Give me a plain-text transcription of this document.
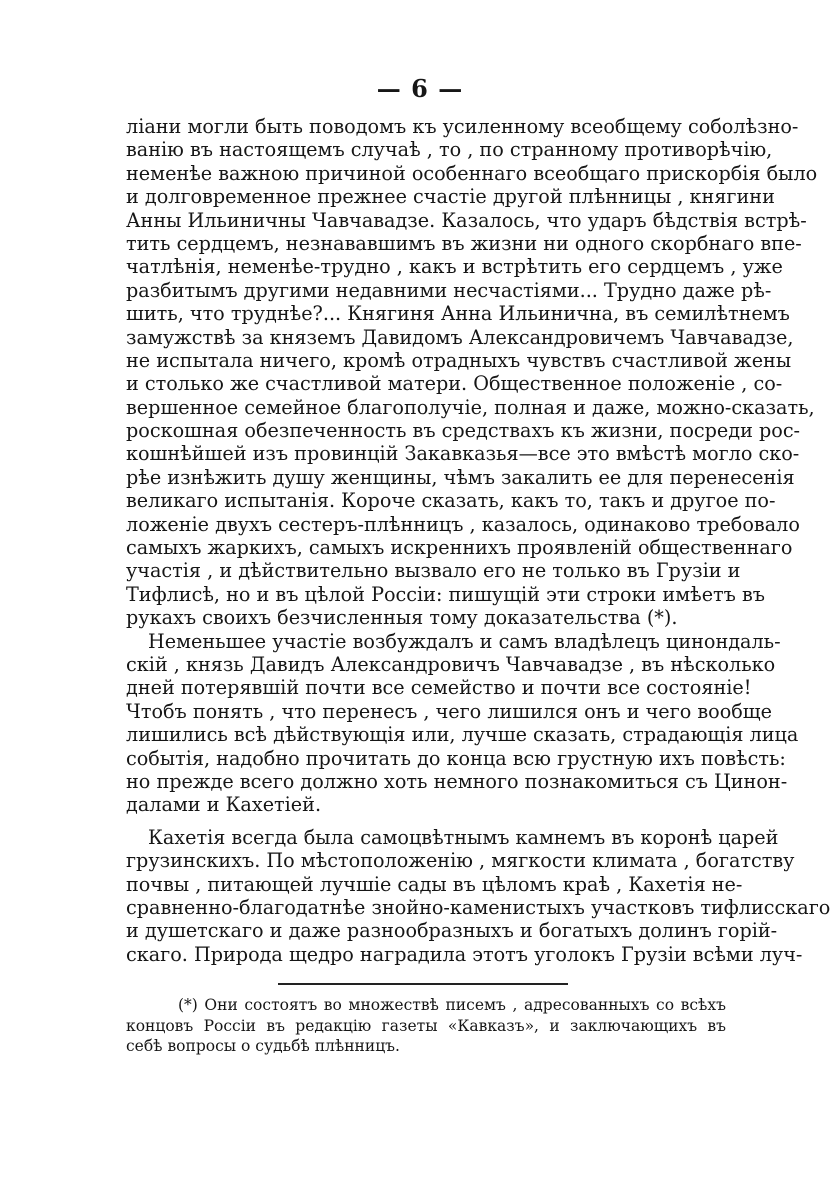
— 6 —
ліани могли быть поводомъ къ усиленному всеобщему соболѣзно-
ванію въ настоящемъ случаѣ , то , по странному противорѣчію,
неменѣе важною причиной особеннаго всеобщаго прискорбія было
и долговременное прежнее счастіе другой плѣнницы , княгини
Анны Ильиничны Чавчавадзе. Казалось, что ударъ бѣдствія встрѣ-
тить сердцемъ, незнававшимъ въ жизни ни одного скорбнаго впе-
чатлѣнія, неменѣе-трудно , какъ и встрѣтить его сердцемъ , уже
разбитымъ другими недавними несчастіями... Трудно даже рѣ-
шить, что труднѣе?... Княгиня Анна Ильинична, въ семилѣтнемъ
замужствѣ за княземъ Давидомъ Александровичемъ Чавчавадзе,
не испытала ничего, кромѣ отрадныхъ чувствъ счастливой жены
и столько же счастливой матери. Общественное положеніе , со-
вершенное семейное благополучіе, полная и даже, можно-сказать,
роскошная обезпеченность въ средствахъ къ жизни, посреди рос-
кошнѣйшей изъ провинцій Закавказья—все это вмѣстѣ могло ско-
рѣе изнѣжить душу женщины, чѣмъ закалить ее для перенесенія
великаго испытанія. Короче сказать, какъ то, такъ и другое по-
ложеніе двухъ сестеръ-плѣнницъ , казалось, одинаково требовало
самыхъ жаркихъ, самыхъ искреннихъ проявленій общественнаго
участія , и дѣйствительно вызвало его не только въ Грузіи и
Тифлисѣ, но и въ цѣлой Россіи: пишущій эти строки имѣетъ въ
рукахъ своихъ безчисленныя тому доказательства (*).
Неменьшее участіе возбуждалъ и самъ владѣлецъ цинондаль-
скій , князь Давидъ Александровичъ Чавчавадзе , въ нѣсколько
дней потерявшій почти все семейство и почти все состояніе!
Чтобъ понять , что перенесъ , чего лишился онъ и чего вообще
лишились всѣ дѣйствующія или, лучше сказать, страдающія лица
событія, надобно прочитать до конца всю грустную ихъ повѣсть:
но прежде всего должно хоть немного познакомиться съ Цинон-
далами и Кахетіей.
Кахетія всегда была самоцвѣтнымъ камнемъ въ коронѣ царей
грузинскихъ. По мѣстоположенію , мягкости климата , богатству
почвы , питающей лучшіе сады въ цѣломъ краѣ , Кахетія не-
сравненно-благодатнѣе знойно-каменистыхъ участковъ тифлисскаго
и душетскаго и даже разнообразныхъ и богатыхъ долинъ горій-
скаго. Природа щедро наградила этотъ уголокъ Грузіи всѣми луч-
(*) Они состоятъ во множествѣ писемъ , адресованныхъ со всѣхъ
концовъ Россіи въ редакцію газеты «Кавказъ», и заключающихъ въ
себѣ вопросы о судьбѣ плѣнницъ.
